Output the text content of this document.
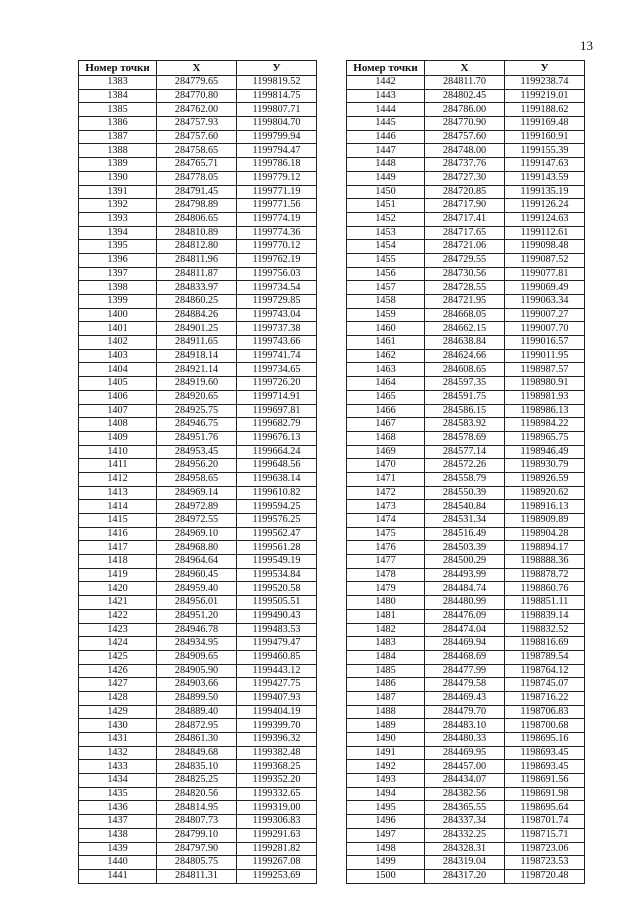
13
Номер точки	Х	У
1383	284779.65	1199819.52
1384	284770.80	1199814.75
1385	284762.00	1199807.71
1386	284757.93	1199804.70
1387	284757.60	1199799.94
1388	284758.65	1199794.47
1389	284765.71	1199786.18
1390	284778.05	1199779.12
1391	284791.45	1199771.19
1392	284798.89	1199771.56
1393	284806.65	1199774.19
1394	284810.89	1199774.36
1395	284812.80	1199770.12
1396	284811.96	1199762.19
1397	284811.87	1199756.03
1398	284833.97	1199734.54
1399	284860.25	1199729.85
1400	284884.26	1199743.04
1401	284901.25	1199737.38
1402	284911.65	1199743.66
1403	284918.14	1199741.74
1404	284921.14	1199734.65
1405	284919.60	1199726.20
1406	284920.65	1199714.91
1407	284925.75	1199697.81
1408	284946.75	1199682.79
1409	284951.76	1199676.13
1410	284953.45	1199664.24
1411	284956.20	1199648.56
1412	284958.65	1199638.14
1413	284969.14	1199610.82
1414	284972.89	1199594.25
1415	284972.55	1199576.25
1416	284969.10	1199562.47
1417	284968.80	1199561.28
1418	284964.64	1199549.19
1419	284960.45	1199534.84
1420	284959.40	1199520.58
1421	284956.01	1199505.51
1422	284951.20	1199490.43
1423	284946.78	1199483.53
1424	284934.95	1199479.47
1425	284909.65	1199460.85
1426	284905.90	1199443.12
1427	284903.66	1199427.75
1428	284899.50	1199407.93
1429	284889.40	1199404.19
1430	284872.95	1199399.70
1431	284861.30	1199396.32
1432	284849.68	1199382.48
1433	284835.10	1199368.25
1434	284825.25	1199352.20
1435	284820.56	1199332.65
1436	284814.95	1199319.00
1437	284807.73	1199306.83
1438	284799.10	1199291.63
1439	284797.90	1199281.82
1440	284805.75	1199267.08
1441	284811.31	1199253.69
Номер точки	Х	У
1442	284811.70	1199238.74
1443	284802.45	1199219.01
1444	284786.00	1199188.62
1445	284770.90	1199169.48
1446	284757.60	1199160.91
1447	284748.00	1199155.39
1448	284737.76	1199147.63
1449	284727.30	1199143.59
1450	284720.85	1199135.19
1451	284717.90	1199126.24
1452	284717.41	1199124.63
1453	284717.65	1199112.61
1454	284721.06	1199098.48
1455	284729.55	1199087.52
1456	284730.56	1199077.81
1457	284728.55	1199069.49
1458	284721.95	1199063.34
1459	284668.05	1199007.27
1460	284662.15	1199007.70
1461	284638.84	1199016.57
1462	284624.66	1199011.95
1463	284608.65	1198987.57
1464	284597.35	1198980.91
1465	284591.75	1198981.93
1466	284586.15	1198986.13
1467	284583.92	1198984.22
1468	284578.69	1198965.75
1469	284577.14	1198946.49
1470	284572.26	1198930.79
1471	284558.79	1198926.59
1472	284550.39	1198920.62
1473	284540.84	1198916.13
1474	284531.34	1198909.89
1475	284516.49	1198904.28
1476	284503.39	1198894.17
1477	284500.29	1198888.36
1478	284493.99	1198878.72
1479	284484.74	1198860.76
1480	284480.99	1198851.11
1481	284476.09	1198839.14
1482	284474.04	1198832.52
1483	284469.94	1198816.69
1484	284468.69	1198789.54
1485	284477.99	1198764.12
1486	284479.58	1198745.07
1487	284469.43	1198716.22
1488	284479.70	1198706.83
1489	284483.10	1198700.68
1490	284480.33	1198695.16
1491	284469.95	1198693.45
1492	284457.00	1198693.45
1493	284434.07	1198691.56
1494	284382.56	1198691.98
1495	284365.55	1198695.64
1496	284337.34	1198701.74
1497	284332.25	1198715.71
1498	284328.31	1198723.06
1499	284319.04	1198723.53
1500	284317.20	1198720.48
